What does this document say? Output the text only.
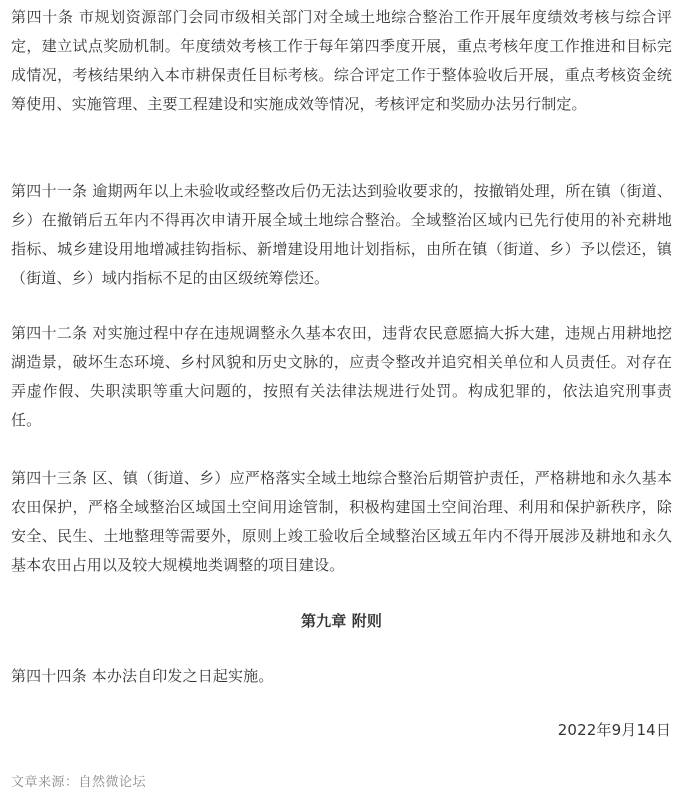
第四十条 市规划资源部门会同市级相关部门对全域土地综合整治工作开展年度绩效考核与综合评定，建立试点奖励机制。年度绩效考核工作于每年第四季度开展，重点考核年度工作推进和目标完成情况，考核结果纳入本市耕保责任目标考核。综合评定工作于整体验收后开展，重点考核资金统筹使用、实施管理、主要工程建设和实施成效等情况，考核评定和奖励办法另行制定。

第四十一条 逾期两年以上未验收或经整改后仍无法达到验收要求的，按撤销处理，所在镇（街道、乡）在撤销后五年内不得再次申请开展全域土地综合整治。全域整治区域内已先行使用的补充耕地指标、城乡建设用地增减挂钩指标、新增建设用地计划指标，由所在镇（街道、乡）予以偿还，镇（街道、乡）域内指标不足的由区级统筹偿还。

第四十二条 对实施过程中存在违规调整永久基本农田，违背农民意愿搞大拆大建，违规占用耕地挖湖造景，破坏生态环境、乡村风貌和历史文脉的，应责令整改并追究相关单位和人员责任。对存在弄虚作假、失职渎职等重大问题的，按照有关法律法规进行处罚。构成犯罪的，依法追究刑事责任。

第四十三条 区、镇（街道、乡）应严格落实全域土地综合整治后期管护责任，严格耕地和永久基本农田保护，严格全域整治区域国土空间用途管制，积极构建国土空间治理、利用和保护新秩序，除安全、民生、土地整理等需要外，原则上竣工验收后全域整治区域五年内不得开展涉及耕地和永久基本农田占用以及较大规模地类调整的项目建设。

第九章 附则

第四十四条 本办法自印发之日起实施。

2022年9月14日
文章来源：自然微论坛
